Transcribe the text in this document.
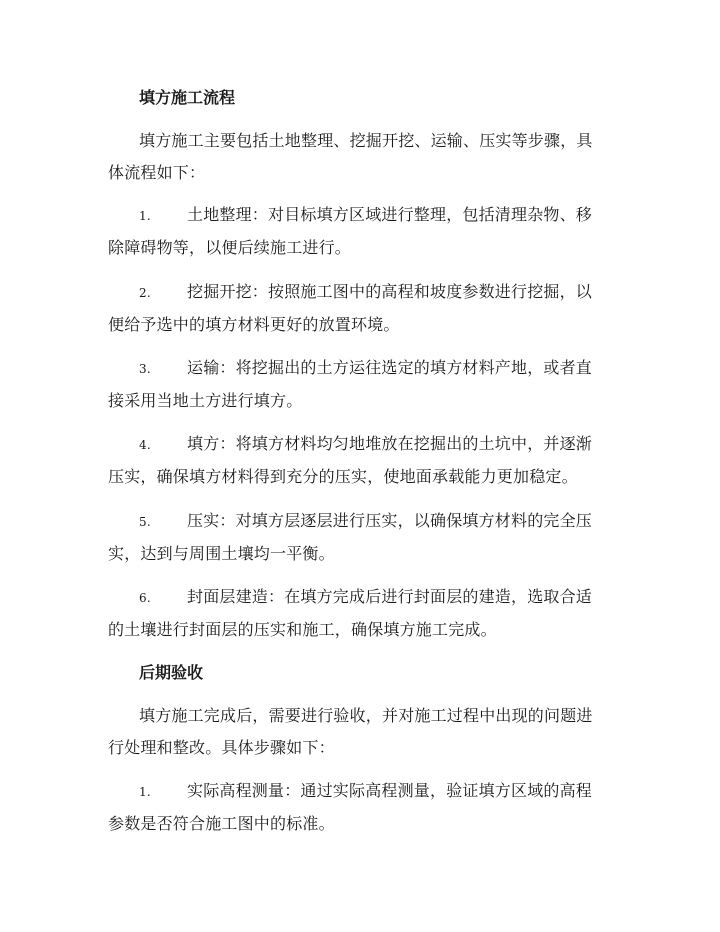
填方施工流程
填方施工主要包括土地整理、挖掘开挖、运输、压实等步骤，具
体流程如下：
1. 土地整理：对目标填方区域进行整理，包括清理杂物、移
除障碍物等，以便后续施工进行。
2. 挖掘开挖：按照施工图中的高程和坡度参数进行挖掘，以
便给予选中的填方材料更好的放置环境。
3. 运输：将挖掘出的土方运往选定的填方材料产地，或者直
接采用当地土方进行填方。
4. 填方：将填方材料均匀地堆放在挖掘出的土坑中，并逐渐
压实，确保填方材料得到充分的压实，使地面承载能力更加稳定。
5. 压实：对填方层逐层进行压实，以确保填方材料的完全压
实，达到与周围土壤均一平衡。
6. 封面层建造：在填方完成后进行封面层的建造，选取合适
的土壤进行封面层的压实和施工，确保填方施工完成。
后期验收
填方施工完成后，需要进行验收，并对施工过程中出现的问题进
行处理和整改。具体步骤如下：
1. 实际高程测量：通过实际高程测量，验证填方区域的高程
参数是否符合施工图中的标准。
